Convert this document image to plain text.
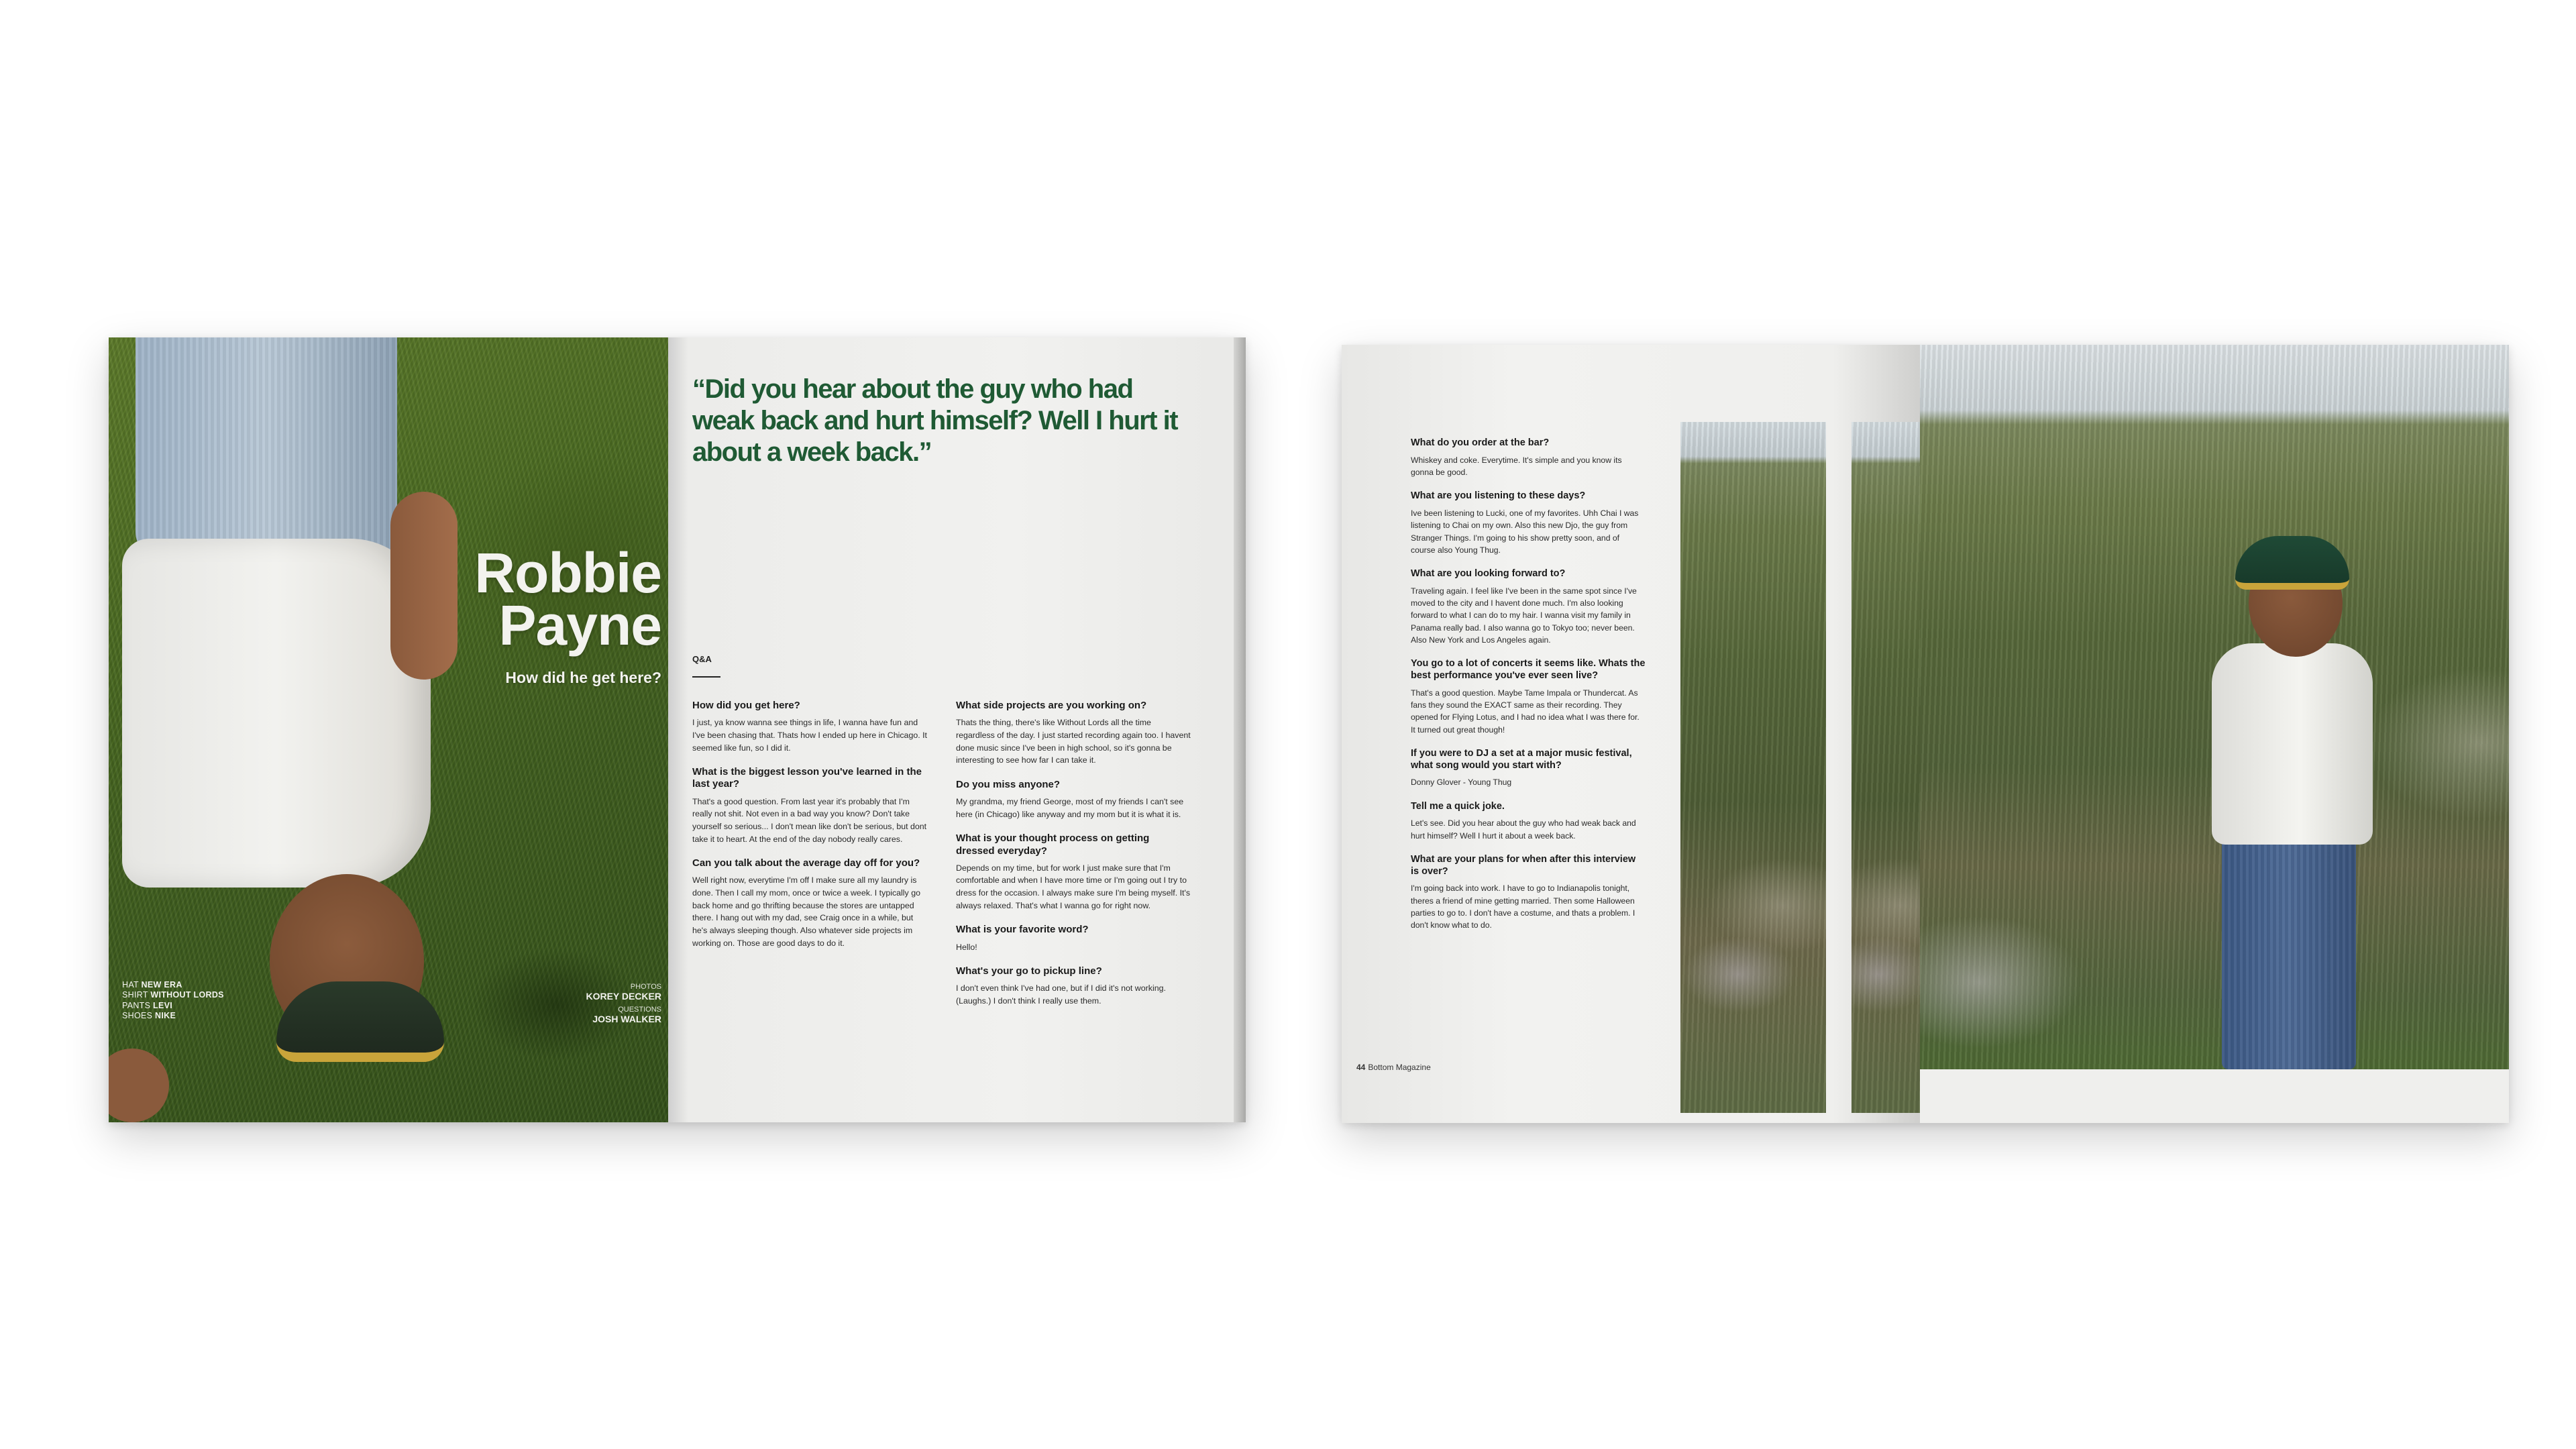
Robbie
Payne
How did he get here?
HAT NEW ERA
SHIRT WITHOUT LORDS
PANTS LEVI
SHOES NIKE
PHOTOS
KOREY DECKER
QUESTIONS
JOSH WALKER
“Did you hear about the guy who had weak back and hurt himself? Well I hurt it about a week back.”
Q&A
How did you get here?
I just, ya know wanna see things in life, I wanna have fun and I've been chasing that. Thats how I ended up here in Chicago. It seemed like fun, so I did it.
What is the biggest lesson you've learned in the last year?
That's a good question. From last year it's probably that I'm really not shit. Not even in a bad way you know? Don't take yourself so serious... I don't mean like don't be serious, but dont take it to heart. At the end of the day nobody really cares.
Can you talk about the average day off for you?
Well right now, everytime I'm off I make sure all my laundry is done. Then I call my mom, once or twice a week. I typically go back home and go thrifting because the stores are untapped there. I hang out with my dad, see Craig once in a while, but he's always sleeping though. Also whatever side projects im working on. Those are good days to do it.
What side projects are you working on?
Thats the thing, there's like Without Lords all the time regardless of the day. I just started recording again too. I havent done music since I've been in high school, so it's gonna be interesting to see how far I can take it.
Do you miss anyone?
My grandma, my friend George, most of my friends I can't see here (in Chicago) like anyway and my mom but it is what it is.
What is your thought process on getting dressed everyday?
Depends on my time, but for work I just make sure that I'm comfortable and when I have more time or I'm going out I try to dress for the occasion. I always make sure I'm being myself. It's always relaxed. That's what I wanna go for right now.
What is your favorite word?
Hello!
What's your go to pickup line?
I don't even think I've had one, but if I did it's not working. (Laughs.) I don't think I really use them.
What do you order at the bar?
Whiskey and coke. Everytime. It's simple and you know its gonna be good.
What are you listening to these days?
Ive been listening to Lucki, one of my favorites. Uhh Chai I was listening to Chai on my own. Also this new Djo, the guy from Stranger Things. I'm going to his show pretty soon, and of course also Young Thug.
What are you looking forward to?
Traveling again. I feel like I've been in the same spot since I've moved to the city and I havent done much. I'm also looking forward to what I can do to my hair. I wanna visit my family in Panama really bad. I also wanna go to Tokyo too; never been. Also New York and Los Angeles again.
You go to a lot of concerts it seems like. Whats the best performance you've ever seen live?
That's a good question. Maybe Tame Impala or Thundercat. As fans they sound the EXACT same as their recording. They opened for Flying Lotus, and I had no idea what I was there for. It turned out great though!
If you were to DJ a set at a major music festival, what song would you start with?
Donny Glover - Young Thug
Tell me a quick joke.
Let's see. Did you hear about the guy who had weak back and hurt himself? Well I hurt it about a week back.
What are your plans for when after this interview is over?
I'm going back into work. I have to go to Indianapolis tonight, theres a friend of mine getting married. Then some Halloween parties to go to. I don't have a costume, and thats a problem. I don't know what to do.
44 Bottom Magazine
